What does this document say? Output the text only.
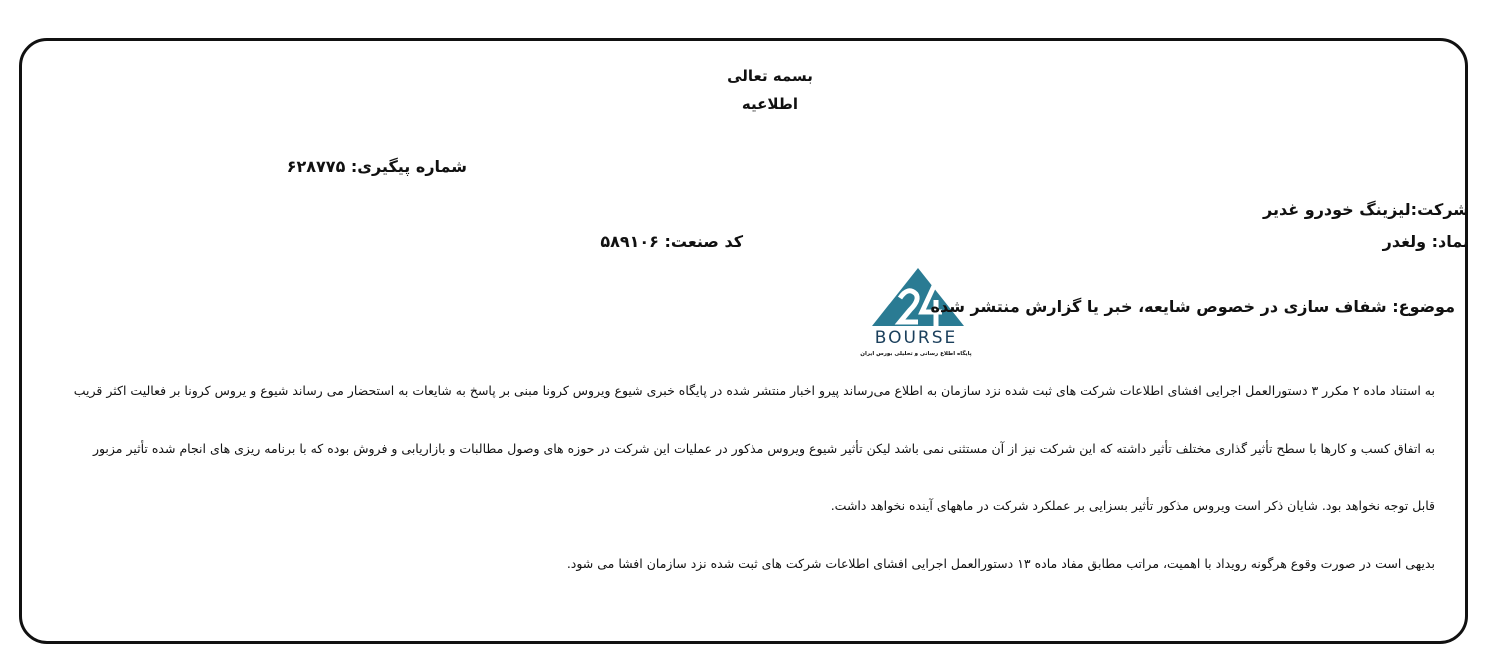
بسمه تعالی
اطلاعیه
شماره پیگیری: ۶۲۸۷۷۵
شرکت:لیزینگ خودرو غدیر
نماد: ولغدر
کد صنعت: ۵۸۹۱۰۶
BOURSE
پایگاه اطلاع رسانی و تحلیلی بورس ایران
موضوع: شفاف سازی در خصوص شایعه، خبر یا گزارش منتشر شده
به استناد ماده ۲ مکرر ۳ دستورالعمل اجرایی افشای اطلاعات شرکت های ثبت شده نزد سازمان به اطلاع می‌رساند پیرو اخبار منتشر شده در پایگاه خبری شیوع ویروس کرونا مبنی بر پاسخ به شایعات به استحضار می رساند شیوع و یروس کرونا بر فعالیت اکثر قریب
به اتفاق کسب و کارها با سطح تأثیر گذاری مختلف تأثیر داشته که این شرکت نیز از آن مستثنی نمی باشد لیکن تأثیر شیوع ویروس مذکور در عملیات این شرکت در حوزه های وصول مطالبات و بازاریابی و فروش بوده که با برنامه ریزی های انجام شده تأثیر مزبور
قابل توجه نخواهد بود. شایان ذکر است ویروس مذکور تأثیر بسزایی بر عملکرد شرکت در ماههای آینده نخواهد داشت.
بدیهی است در صورت وقوع هرگونه رویداد با اهمیت، مراتب مطابق مفاد ماده ۱۳ دستورالعمل اجرایی افشای اطلاعات شرکت های ثبت شده نزد سازمان افشا می شود.
